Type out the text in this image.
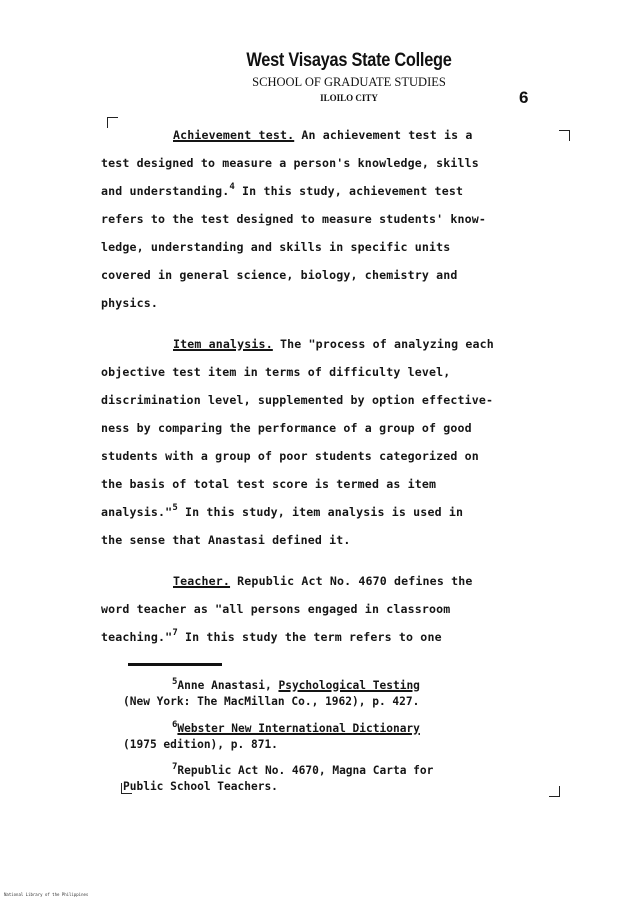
West Visayas State College
SCHOOL OF GRADUATE STUDIES
ILOILO CITY	6
Achievement test. An achievement test is a
test designed to measure a person's knowledge, skills
and understanding.$^4$ In this study, achievement test
refers to the test designed to measure students' know-
ledge, understanding and skills in specific units
covered in general science, biology, chemistry and
physics.
Item analysis. The "process of analyzing each
objective test item in terms of difficulty level,
discrimination level, supplemented by option effective-
ness by comparing the performance of a group of good
students with a group of poor students categorized on
the basis of total test score is termed as item
analysis."$^5$ In this study, item analysis is used in
the sense that Anastasi defined it.
Teacher. Republic Act No. 4670 defines the
word teacher as "all persons engaged in classroom
teaching."$^7$ In this study the term refers to one
$^5$Anne Anastasi, Psychological Testing
(New York: The MacMillan Co., 1962), p. 427.
$^6$Webster New International Dictionary
(1975 edition), p. 871.
$^7$Republic Act No. 4670, Magna Carta for
Public School Teachers.
National Library of the Philippines
